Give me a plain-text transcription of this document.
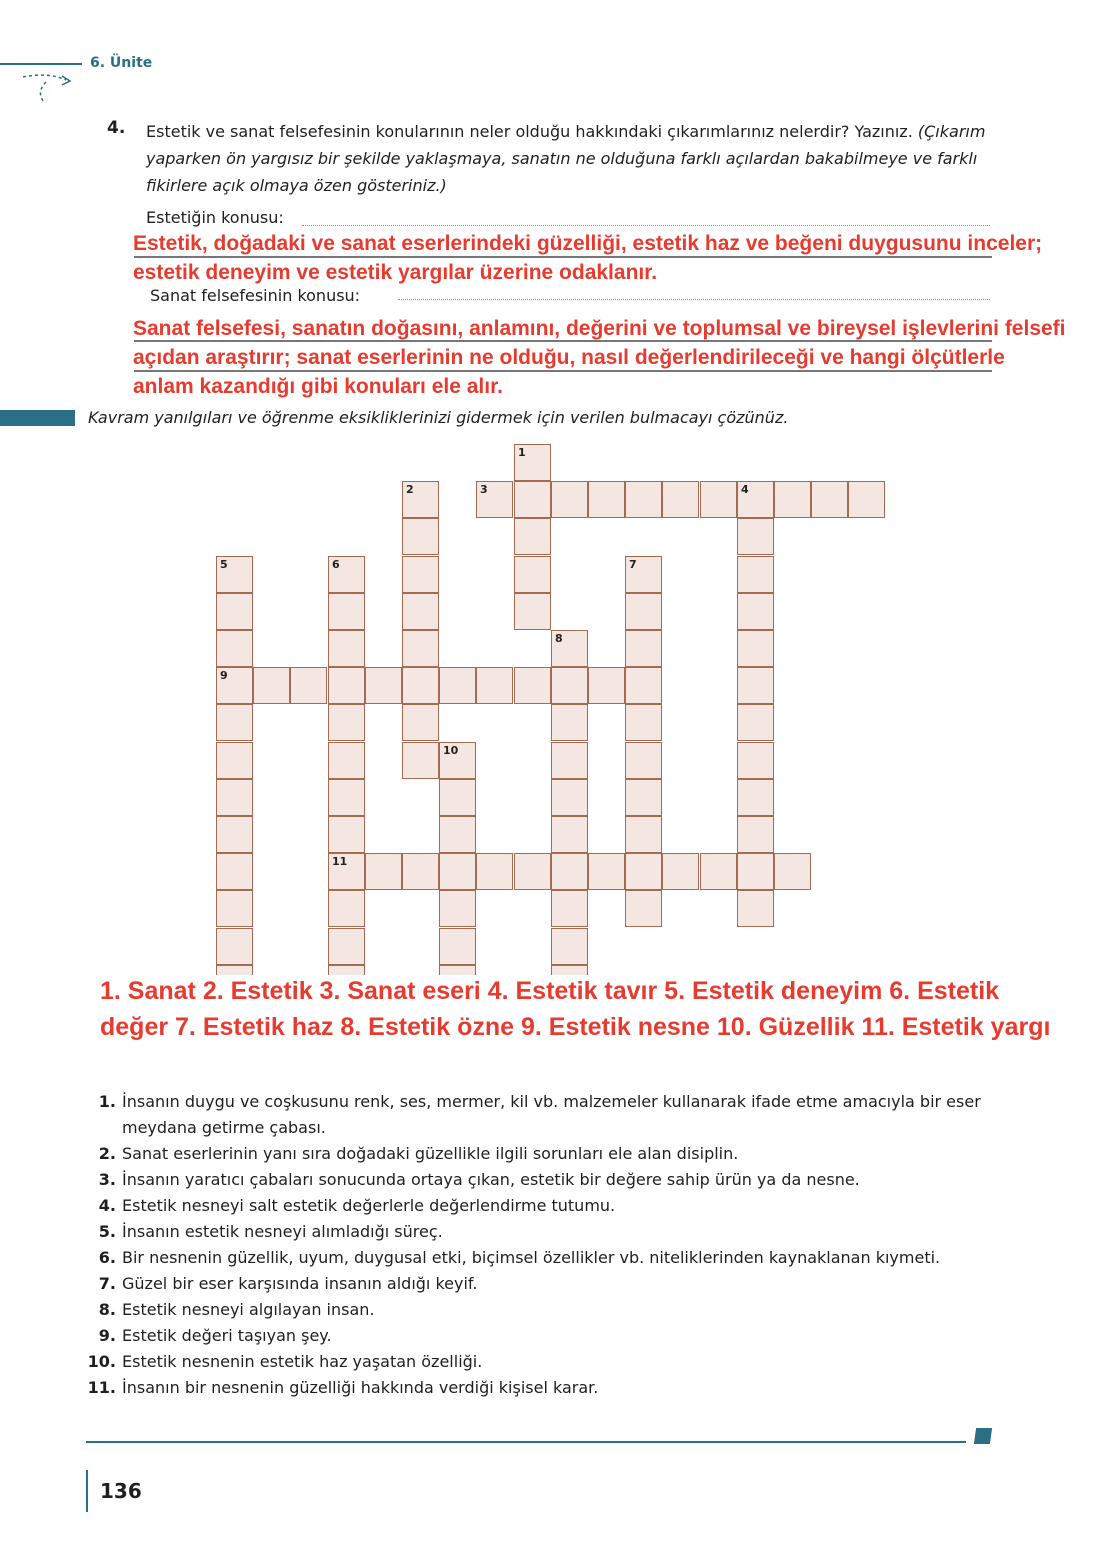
6. Ünite
4. Estetik ve sanat felsefesinin konularının neler olduğu hakkındaki çıkarımlarınız nelerdir? Yazınız. (Çıkarım yaparken ön yargısız bir şekilde yaklaşmaya, sanatın ne olduğuna farklı açılardan bakabilmeye ve farklı fikirlere açık olmaya özen gösteriniz.)
Estetiğin konusu:
Estetik, doğadaki ve sanat eserlerindeki güzelliği, estetik haz ve beğeni duygusunu inceler; estetik deneyim ve estetik yargılar üzerine odaklanır.
Sanat felsefesinin konusu:
Sanat felsefesi, sanatın doğasını, anlamını, değerini ve toplumsal ve bireysel işlevlerini felsefi açıdan araştırır; sanat eserlerinin ne olduğu, nasıl değerlendirileceği ve hangi ölçütlerle anlam kazandığı gibi konuları ele alır.
Kavram yanılgıları ve öğrenme eksikliklerinizi gidermek için verilen bulmacayı çözünüz.
3	4
9
11
1
2
5	6	7
8
10
1. Sanat 2. Estetik 3. Sanat eseri 4. Estetik tavır 5. Estetik deneyim 6. Estetik değer 7. Estetik haz 8. Estetik özne 9. Estetik nesne 10. Güzellik 11. Estetik yargı
1. İnsanın duygu ve coşkusunu renk, ses, mermer, kil vb. malzemeler kullanarak ifade etme amacıyla bir eser meydana getirme çabası.
2. Sanat eserlerinin yanı sıra doğadaki güzellikle ilgili sorunları ele alan disiplin.
3. İnsanın yaratıcı çabaları sonucunda ortaya çıkan, estetik bir değere sahip ürün ya da nesne.
4. Estetik nesneyi salt estetik değerlerle değerlendirme tutumu.
5. İnsanın estetik nesneyi alımladığı süreç.
6. Bir nesnenin güzellik, uyum, duygusal etki, biçimsel özellikler vb. niteliklerinden kaynaklanan kıymeti.
7. Güzel bir eser karşısında insanın aldığı keyif.
8. Estetik nesneyi algılayan insan.
9. Estetik değeri taşıyan şey.
10. Estetik nesnenin estetik haz yaşatan özelliği.
11. İnsanın bir nesnenin güzelliği hakkında verdiği kişisel karar.
136
